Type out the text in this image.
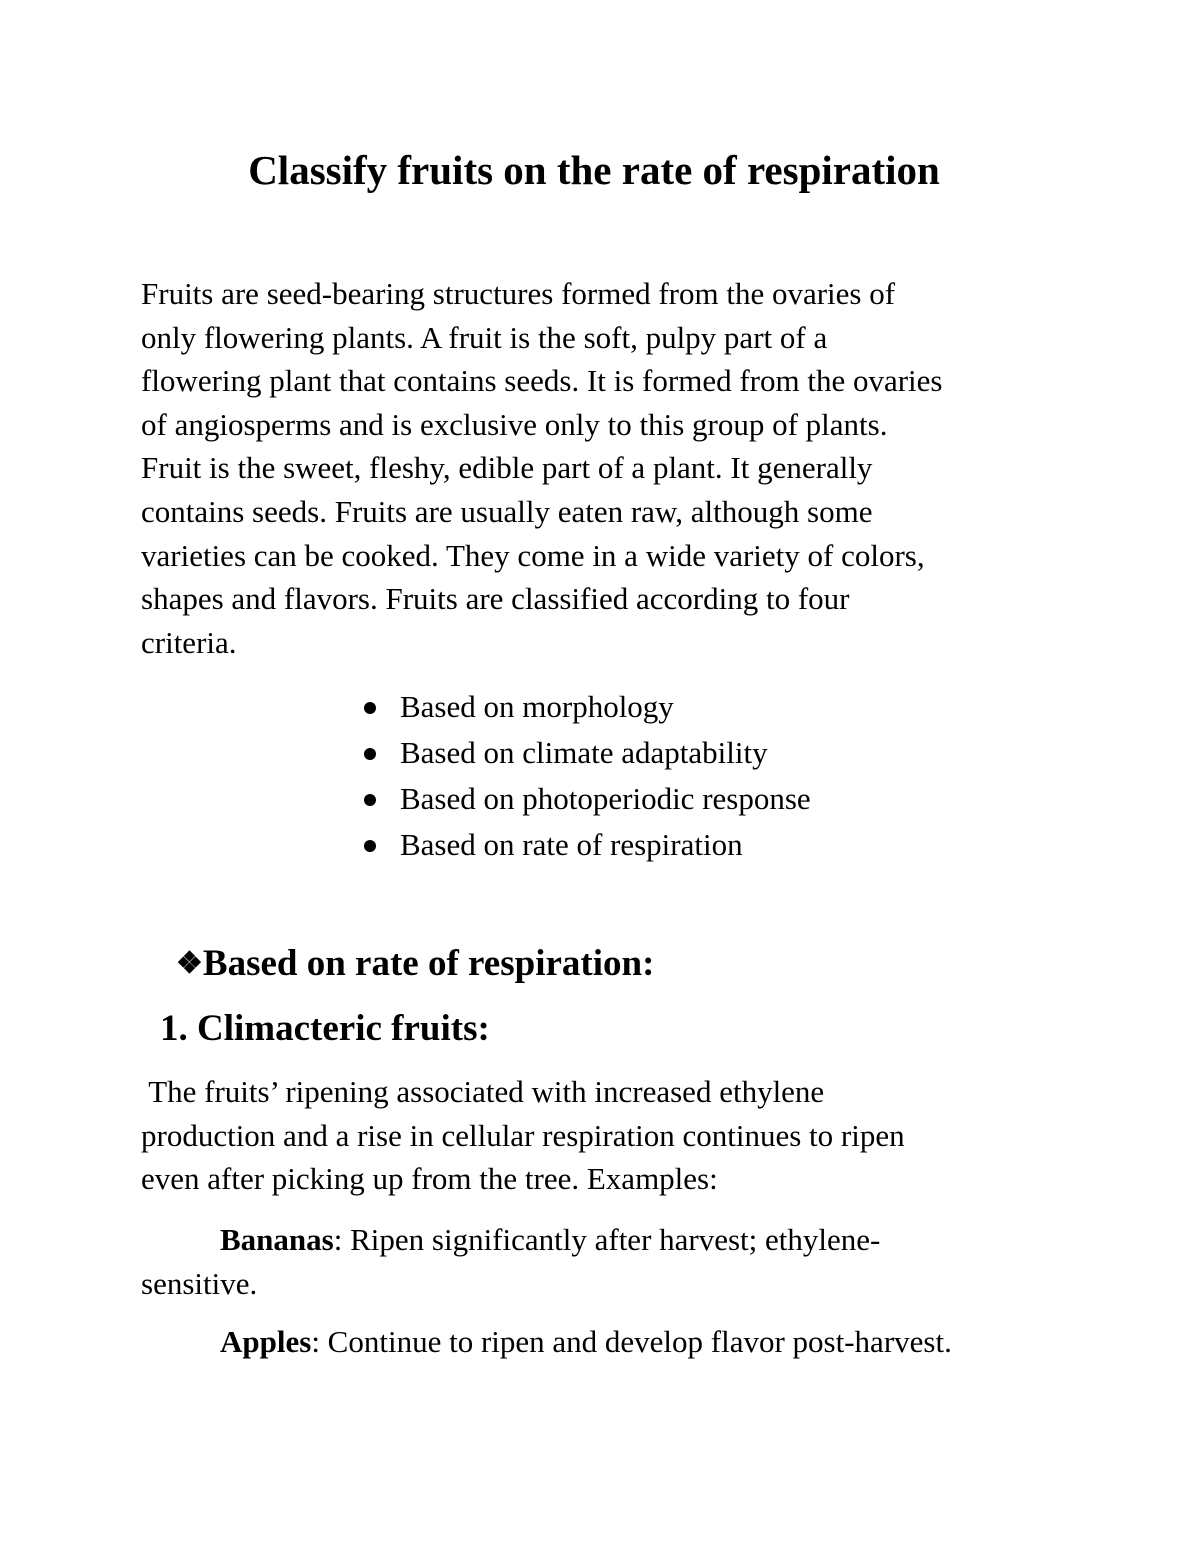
Classify fruits on the rate of respiration

Fruits are seed-bearing structures formed from the ovaries of
only flowering plants. A fruit is the soft, pulpy part of a
flowering plant that contains seeds. It is formed from the ovaries
of angiosperms and is exclusive only to this group of plants.
Fruit is the sweet, fleshy, edible part of a plant. It generally
contains seeds. Fruits are usually eaten raw, although some
varieties can be cooked. They come in a wide variety of colors,
shapes and flavors. Fruits are classified according to four
criteria.

Based on morphology
Based on climate adaptability
Based on photoperiodic response
Based on rate of respiration
❖Based on rate of respiration:
1. Climacteric fruits:

The fruits’ ripening associated with increased ethylene
production and a rise in cellular respiration continues to ripen
even after picking up from the tree. Examples:

Bananas: Ripen significantly after harvest; ethylene-
sensitive.

Apples: Continue to ripen and develop flavor post-harvest.
